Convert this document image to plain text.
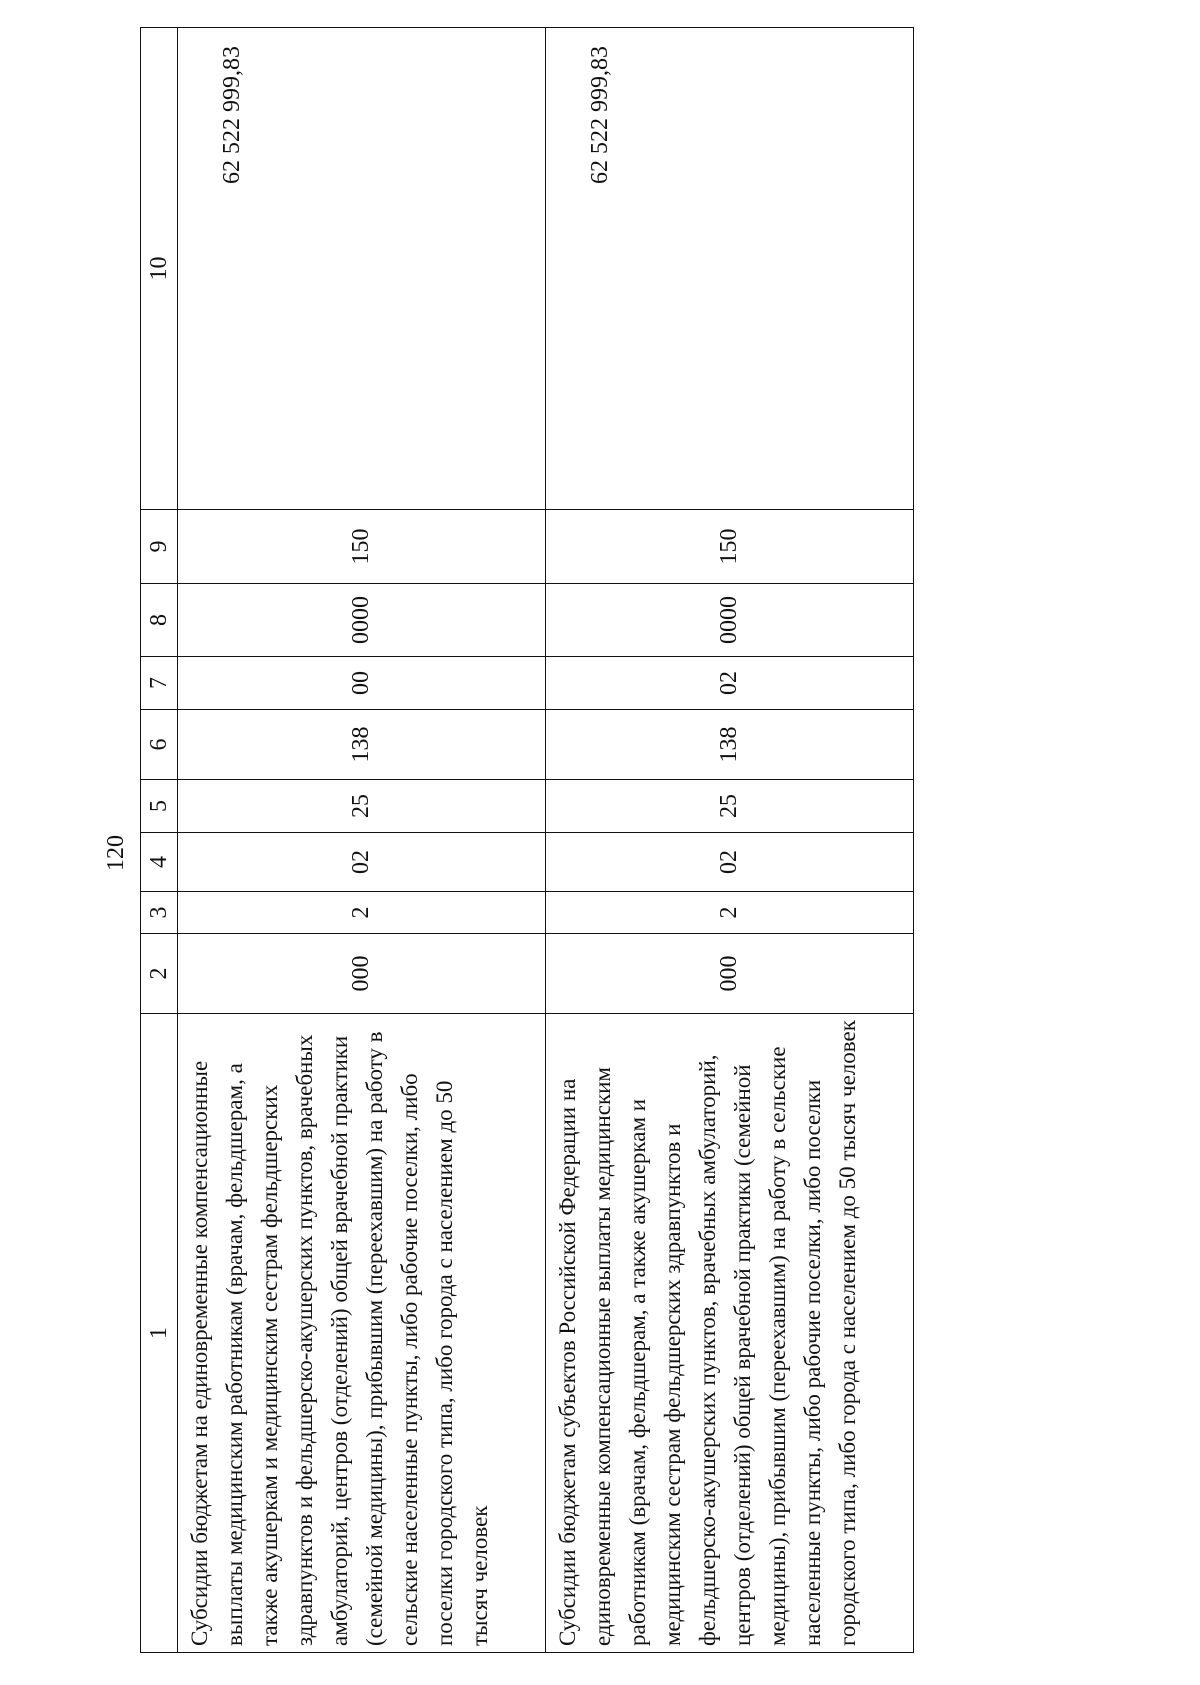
120
1	2	3	4	5	6	7	8	9	10
Субсидии бюджетам на единовременные компенсационные выплаты медицинским работникам (врачам, фельдшерам, а также акушеркам и медицинским сестрам фельдшерских здравпунктов и фельдшерско-акушерских пунктов, врачебных амбулаторий, центров (отделений) общей врачебной практики (семейной медицины), прибывшим (переехавшим) на работу в сельские населенные пункты, либо рабочие поселки, либо поселки городского типа, либо города с населением до 50 тысяч человек	000	2	02	25	138	00	0000	150	62 522 999,83

Субсидии бюджетам субъектов Российской Федерации на единовременные компенсационные выплаты медицинским работникам (врачам, фельдшерам, а также акушеркам и медицинским сестрам фельдшерских здравпунктов и фельдшерско-акушерских пунктов, врачебных амбулаторий, центров (отделений) общей врачебной практики (семейной медицины), прибывшим (переехавшим) на работу в сельские населенные пункты, либо рабочие поселки, либо поселки городского типа, либо города с населением до 50 тысяч человек	000	2	02	25	138	02	0000	150	62 522 999,83
